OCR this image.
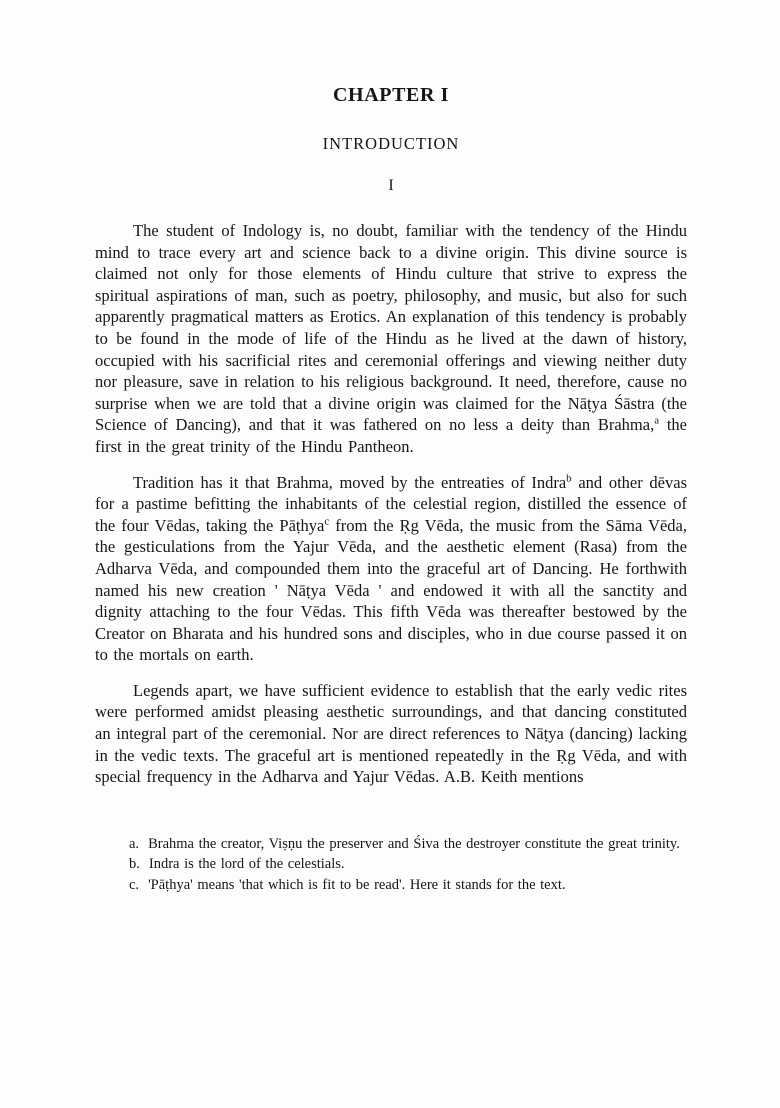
CHAPTER I
INTRODUCTION
I

The student of Indology is, no doubt, familiar with the tendency of the Hindu mind to trace every art and science back to a divine origin. This divine source is claimed not only for those elements of Hindu culture that strive to express the spiritual aspirations of man, such as poetry, philosophy, and music, but also for such apparently pragmatical matters as Erotics. An explanation of this tendency is probably to be found in the mode of life of the Hindu as he lived at the dawn of history, occupied with his sacrificial rites and ceremonial offerings and viewing neither duty nor pleasure, save in relation to his religious background. It need, therefore, cause no surprise when we are told that a divine origin was claimed for the Nāṭya Śāstra (the Science of Dancing), and that it was fathered on no less a deity than Brahma,$^a$ the first in the great trinity of the Hindu Pantheon.

Tradition has it that Brahma, moved by the entreaties of Indra$^b$ and other dēvas for a pastime befitting the inhabitants of the celestial region, distilled the essence of the four Vēdas, taking the Pāṭhya$^c$ from the Ṛg Vēda, the music from the Sāma Vēda, the gesticulations from the Yajur Vēda, and the aesthetic element (Rasa) from the Adharva Vēda, and compounded them into the graceful art of Dancing. He forthwith named his new creation ' Nāṭya Vēda ' and endowed it with all the sanctity and dignity attaching to the four Vēdas. This fifth Vēda was thereafter bestowed by the Creator on Bharata and his hundred sons and disciples, who in due course passed it on to the mortals on earth.

Legends apart, we have sufficient evidence to establish that the early vedic rites were performed amidst pleasing aesthetic surroundings, and that dancing constituted an integral part of the ceremonial. Nor are direct references to Nāṭya (dancing) lacking in the vedic texts. The graceful art is mentioned repeatedly in the Ṛg Vēda, and with special frequency in the Adharva and Yajur Vēdas. A.B. Keith mentions

a. Brahma the creator, Viṣṇu the preserver and Śiva the destroyer constitute the great trinity.

b. Indra is the lord of the celestials.

c. 'Pāṭhya' means 'that which is fit to be read'. Here it stands for the text.
